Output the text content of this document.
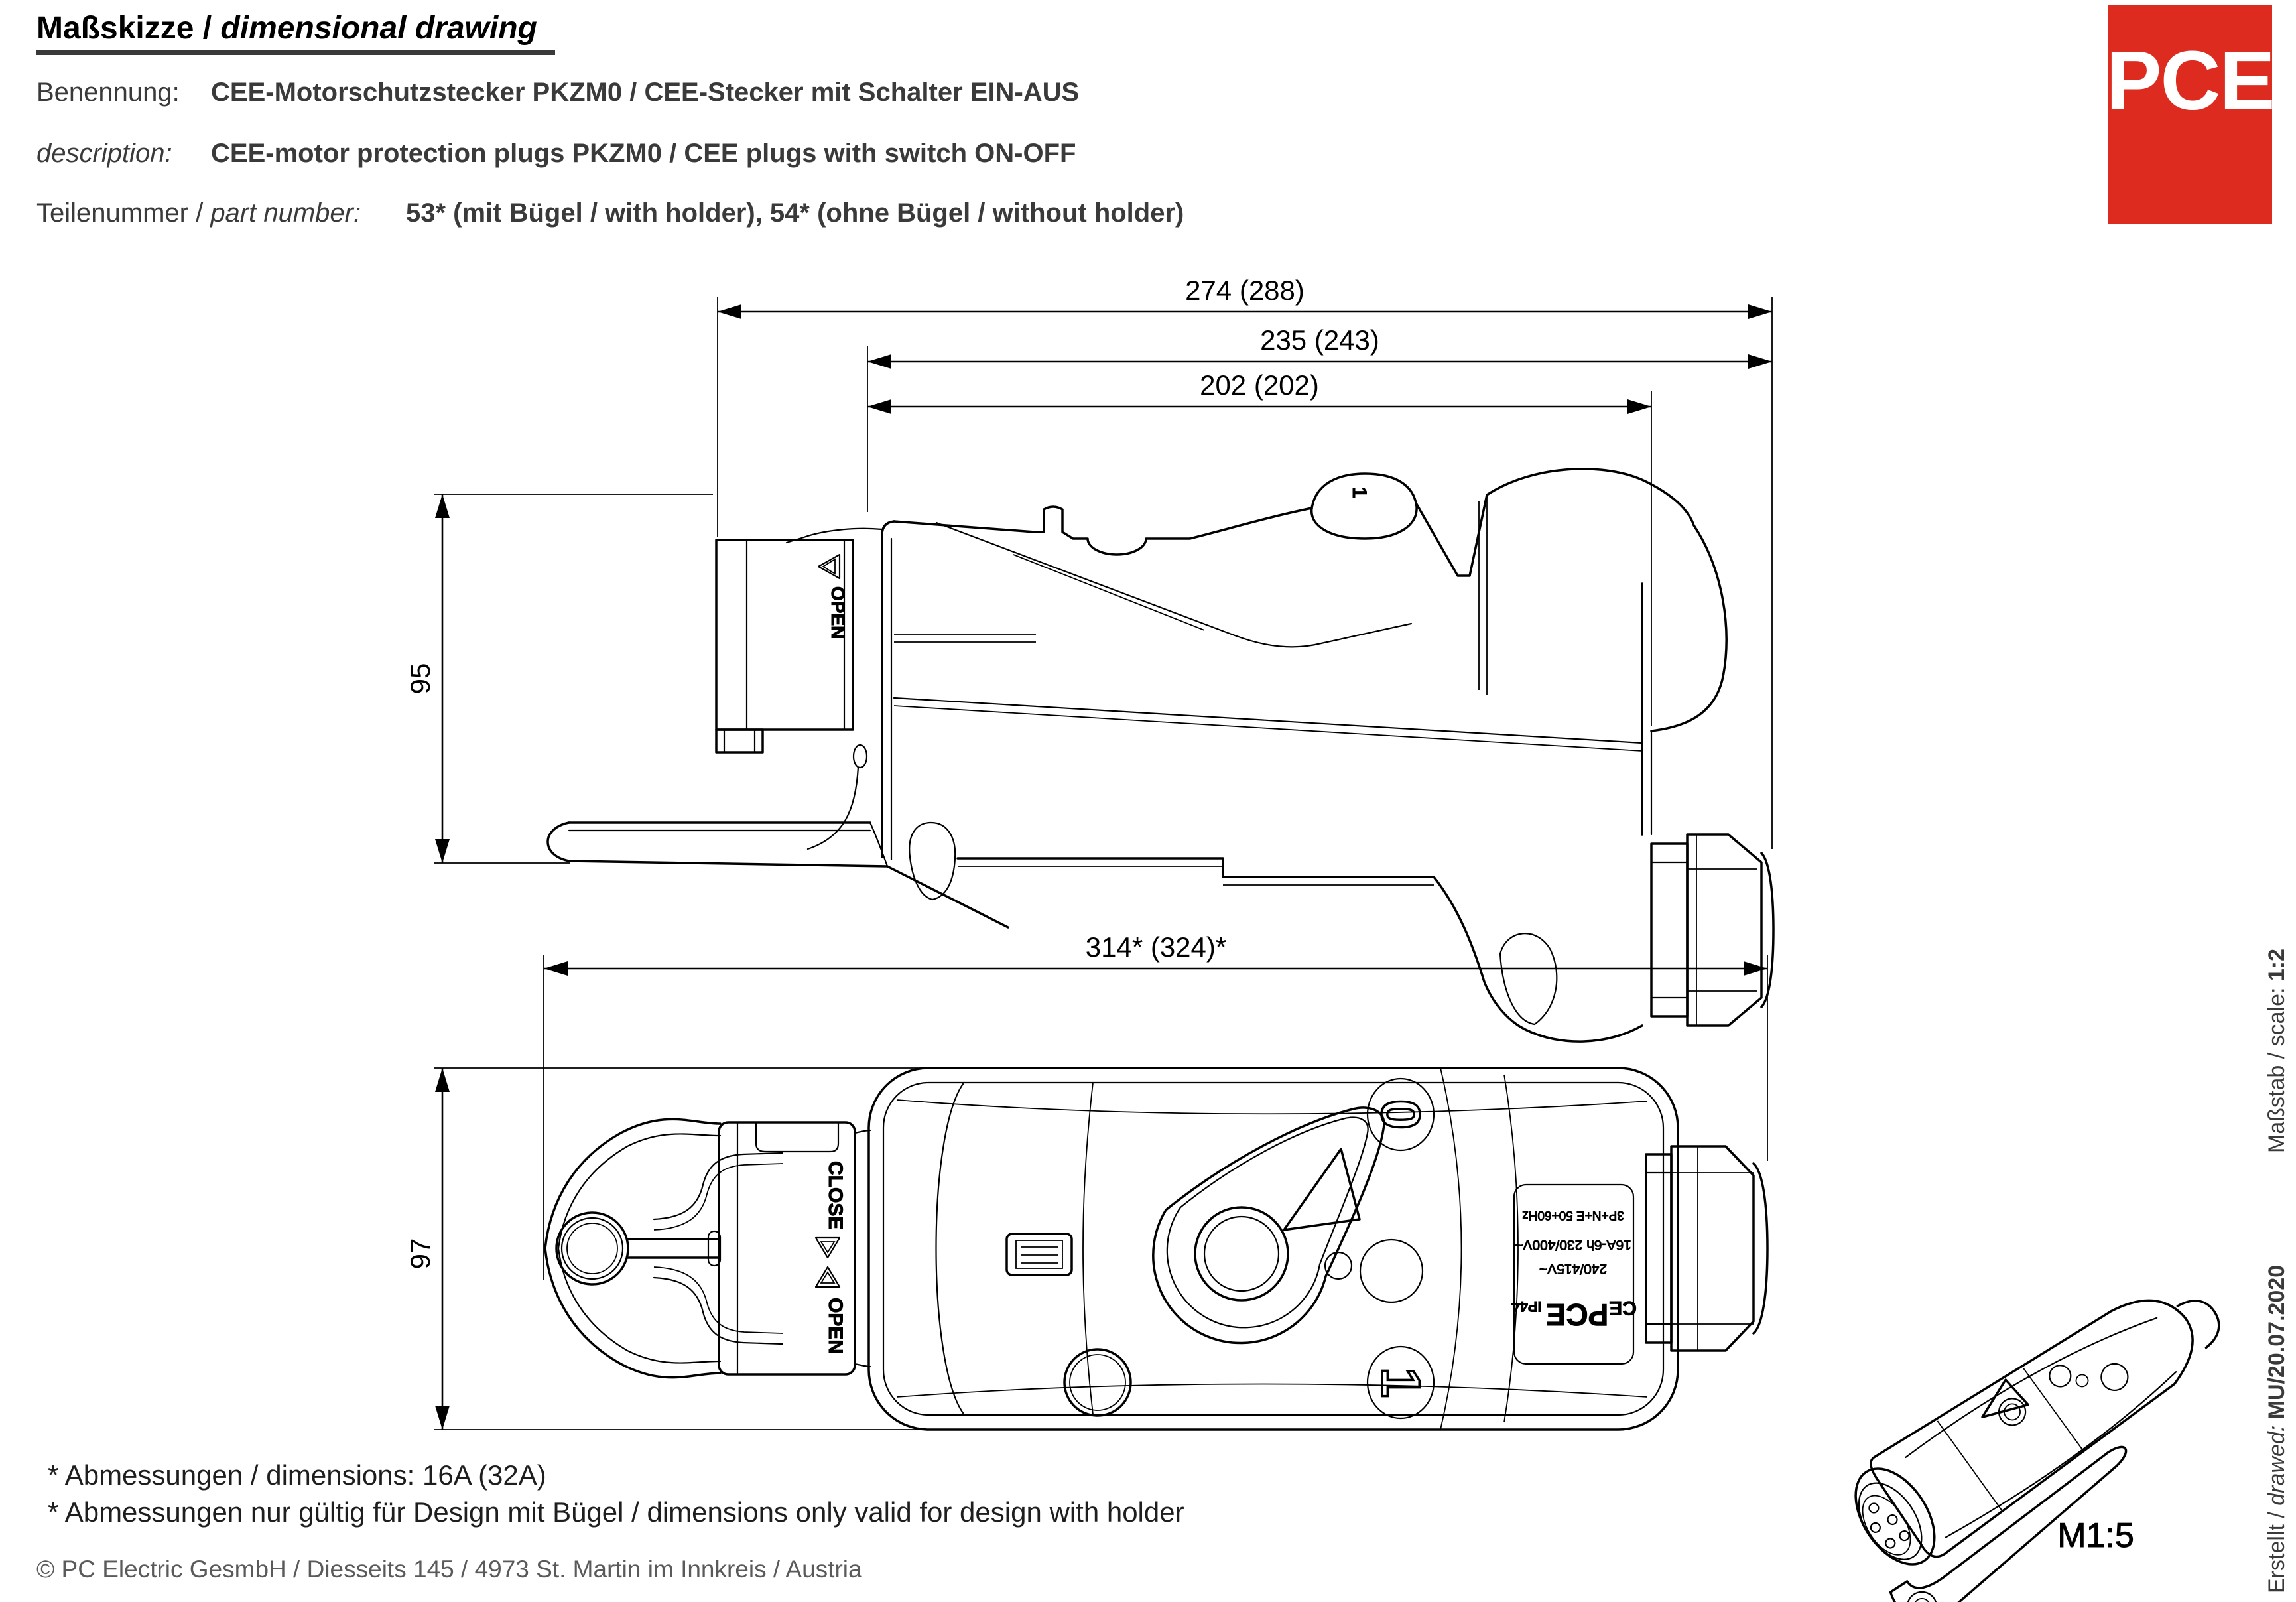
Maßskizze / dimensional drawing
Benennung: CEE-Motorschutzstecker PKZM0 / CEE-Stecker mit Schalter EIN-AUS
description: CEE-motor protection plugs PKZM0 / CEE plugs with switch ON-OFF
Teilenummer / part number: 53* (mit Bügel / with holder), 54* (ohne Bügel / without holder)
PCE
274 (288)
235 (243)
202 (202)
95
OPEN
1
314* (324)*
97
CLOSE
OPEN
0
1
3P+N+E 50+60Hz
16A-6h 230/400V~
240/415V~
IP44 PCE CE
M1:5	Erstellt / drawed: MU/20.07.2020
Maßstab / scale: 1:2
* Abmessungen / dimensions: 16A (32A)
* Abmessungen nur gültig für Design mit Bügel / dimensions only valid for design with holder
© PC Electric GesmbH / Diesseits 145 / 4973 St. Martin im Innkreis / Austria
